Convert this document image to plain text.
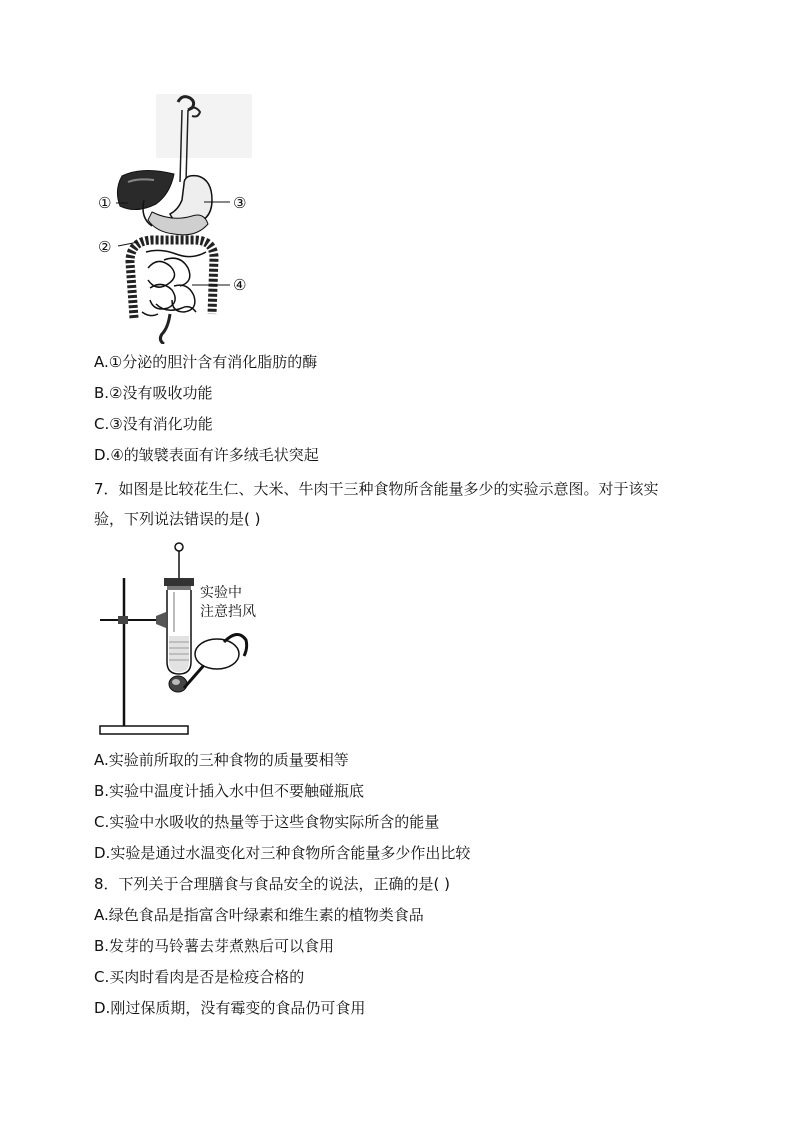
①
②
③
④
A.①分泌的胆汁含有消化脂肪的酶
B.②没有吸收功能
C.③没有消化功能
D.④的皱襞表面有许多绒毛状突起
7．如图是比较花生仁、大米、牛肉干三种食物所含能量多少的实验示意图。对于该实
验，下列说法错误的是( )
实验中
注意挡风
A.实验前所取的三种食物的质量要相等
B.实验中温度计插入水中但不要触碰瓶底
C.实验中水吸收的热量等于这些食物实际所含的能量
D.实验是通过水温变化对三种食物所含能量多少作出比较
8．下列关于合理膳食与食品安全的说法，正确的是( )
A.绿色食品是指富含叶绿素和维生素的植物类食品
B.发芽的马铃薯去芽煮熟后可以食用
C.买肉时看肉是否是检疫合格的
D.刚过保质期，没有霉变的食品仍可食用
